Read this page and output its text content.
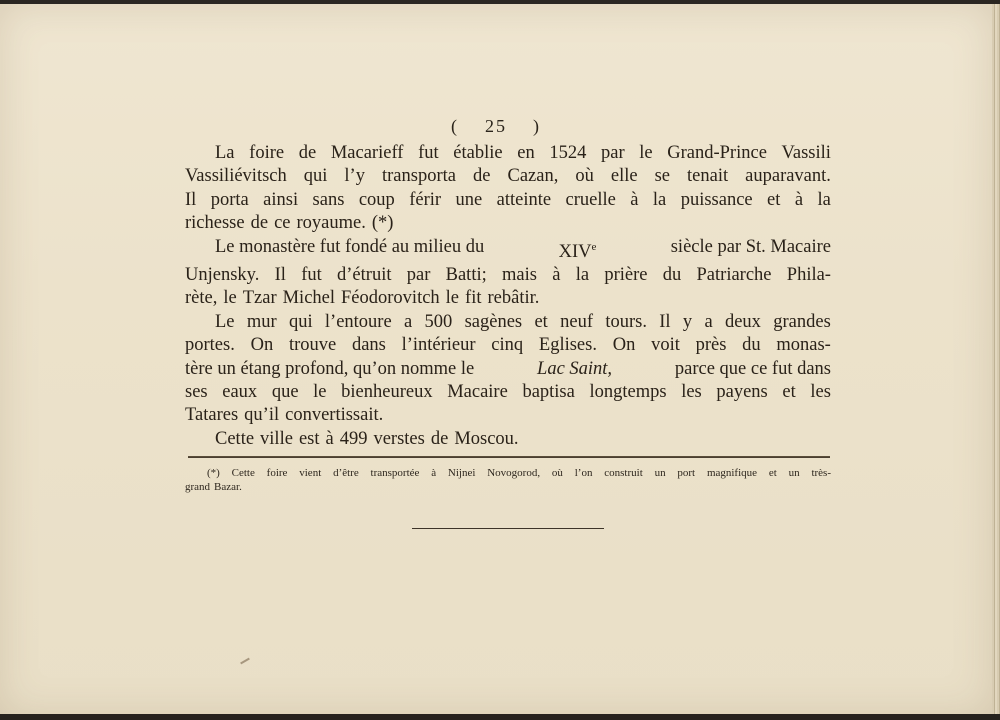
( 25 )
La foire de Macarieff fut établie en 1524 par le Grand-Prince Vassili
Vassiliévitsch qui l’y transporta de Cazan, où elle se tenait auparavant.
Il porta ainsi sans coup férir une atteinte cruelle à la puissance et à la
richesse de ce royaume. (*)
Le monastère fut fondé au milieu du	XIVe	siècle par St. Macaire
Unjensky. Il fut d’étruit par Batti; mais à la prière du Patriarche Phila-
rète, le Tzar Michel Féodorovitch le fit rebâtir.
Le mur qui l’entoure a 500 sagènes et neuf tours. Il y a deux grandes
portes. On trouve dans l’intérieur cinq Eglises. On voit près du monas-
tère un étang profond, qu’on nomme le	Lac Saint,	parce que ce fut dans
ses eaux que le bienheureux Macaire baptisa longtemps les payens et les
Tatares qu’il convertissait.
Cette ville est à 499 verstes de Moscou.
(*) Cette foire vient d’être transportée à Nijnei Novogorod, où l’on construit un port magnifique et un très-
grand Bazar.
